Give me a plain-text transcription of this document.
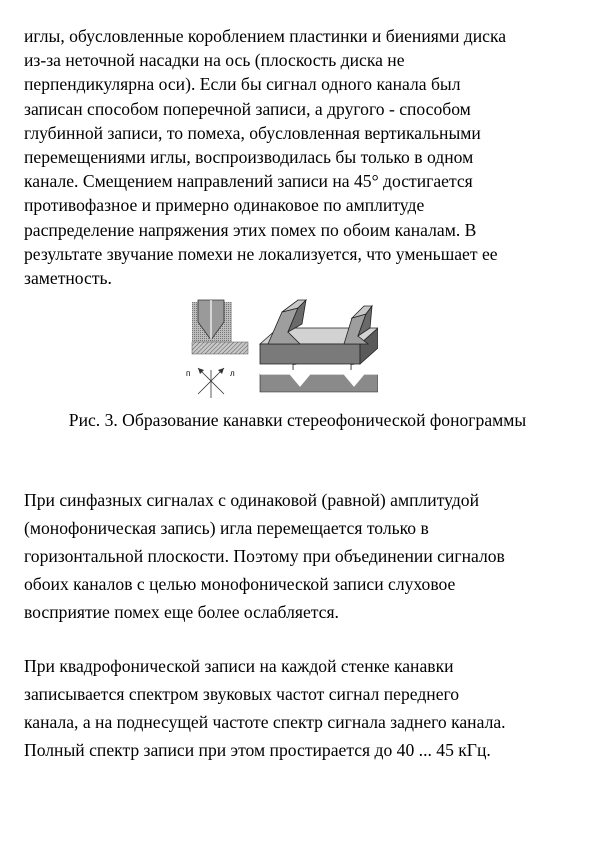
иглы, обусловленные короблением пластинки и биениями диска
из-за неточной насадки на ось (плоскость диска не
перпендикулярна оси). Если бы сигнал одного канала был
записан способом поперечной записи, а другого - способом
глубинной записи, то помеха, обусловленная вертикальными
перемещениями иглы, воспроизводилась бы только в одном
канале. Смещением направлений записи на 45° достигается
противофазное и примерно одинаковое по амплитуде
распределение напряжения этих помех по обоим каналам. В
результате звучание помехи не локализуется, что уменьшает ее
заметность.

п	л
Г	Г
Рис. 3. Образование канавки стереофонической фонограммы

При синфазных сигналах с одинаковой (равной) амплитудой
(монофоническая запись) игла перемещается только в
горизонтальной плоскости. Поэтому при объединении сигналов
обоих каналов с целью монофонической записи слуховое
восприятие помех еще более ослабляется.

При квадрофонической записи на каждой стенке канавки
записывается спектром звуковых частот сигнал переднего
канала, а на поднесущей частоте спектр сигнала заднего канала.
Полный спектр записи при этом простирается до 40 ... 45 кГц.
